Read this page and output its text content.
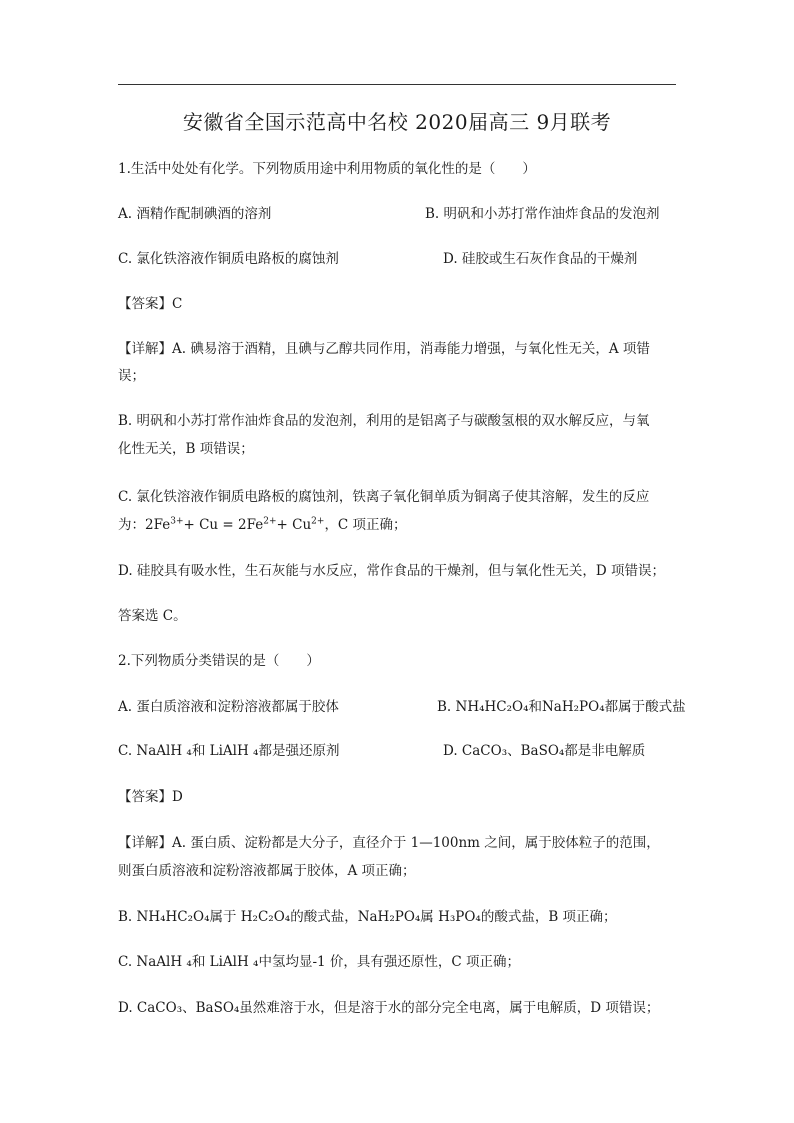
安徽省全国示范高中名校 2020届高三 9月联考
1.生活中处处有化学。下列物质用途中利用物质的氧化性的是（　　）
A. 酒精作配制碘酒的溶剂	B. 明矾和小苏打常作油炸食品的发泡剂
C. 氯化铁溶液作铜质电路板的腐蚀剂	D. 硅胶或生石灰作食品的干燥剂
【答案】C
【详解】A. 碘易溶于酒精，且碘与乙醇共同作用，消毒能力增强，与氧化性无关，A 项错
误；
B. 明矾和小苏打常作油炸食品的发泡剂，利用的是铝离子与碳酸氢根的双水解反应，与氧
化性无关，B 项错误；
C. 氯化铁溶液作铜质电路板的腐蚀剂，铁离子氧化铜单质为铜离子使其溶解，发生的反应
为：$2Fe^{3+}+ Cu = 2Fe^{2+}+ Cu^{2+}$，C 项正确；
D. 硅胶具有吸水性，生石灰能与水反应，常作食品的干燥剂，但与氧化性无关，D 项错误；
答案选 C。
2.下列物质分类错误的是（　　）
A. 蛋白质溶液和淀粉溶液都属于胶体	B. NH₄HC₂O₄和NaH₂PO₄都属于酸式盐
C. NaAlH ₄和 LiAlH ₄都是强还原剂	D. CaCO₃、BaSO₄都是非电解质
【答案】D
【详解】A. 蛋白质、淀粉都是大分子，直径介于 1—100nm 之间，属于胶体粒子的范围，
则蛋白质溶液和淀粉溶液都属于胶体，A 项正确；
B. NH₄HC₂O₄属于 H₂C₂O₄的酸式盐，NaH₂PO₄属 H₃PO₄的酸式盐，B 项正确；
C. NaAlH ₄和 LiAlH ₄中氢均显-1 价，具有强还原性，C 项正确；
D. CaCO₃、BaSO₄虽然难溶于水，但是溶于水的部分完全电离，属于电解质，D 项错误；
